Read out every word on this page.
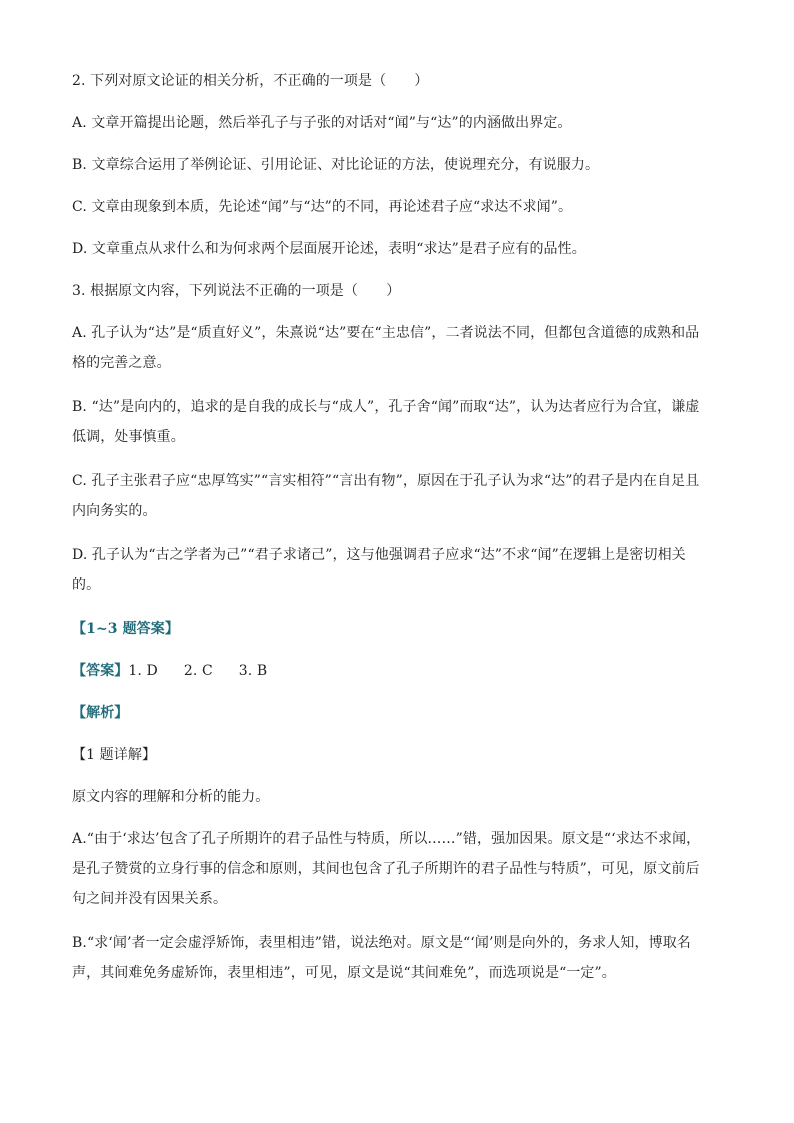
2. 下列对原文论证的相关分析，不正确的一项是（　　）

A. 文章开篇提出论题，然后举孔子与子张的对话对“闻”与“达”的内涵做出界定。

B. 文章综合运用了举例论证、引用论证、对比论证的方法，使说理充分，有说服力。

C. 文章由现象到本质，先论述“闻”与“达”的不同，再论述君子应“求达不求闻”。

D. 文章重点从求什么和为何求两个层面展开论述，表明“求达”是君子应有的品性。

3. 根据原文内容，下列说法不正确的一项是（　　）

A. 孔子认为“达”是“质直好义”，朱熹说“达”要在“主忠信”，二者说法不同，但都包含道德的成熟和品格的完善之意。

B. “达”是向内的，追求的是自我的成长与“成人”，孔子舍“闻”而取“达”，认为达者应行为合宜，谦虚低调，处事慎重。

C. 孔子主张君子应“忠厚笃实”“言实相符”“言出有物”，原因在于孔子认为求“达”的君子是内在自足且内向务实的。

D. 孔子认为“古之学者为己”“君子求诸己”，这与他强调君子应求“达”不求“闻”在逻辑上是密切相关的。

【1~3 题答案】

【答案】1. D 2. C 3. B

【解析】

【1 题详解】

原文内容的理解和分析的能力。

A.“由于‘求达’包含了孔子所期许的君子品性与特质，所以……”错，强加因果。原文是“‘求达不求闻，是孔子赞赏的立身行事的信念和原则，其间也包含了孔子所期许的君子品性与特质”，可见，原文前后句之间并没有因果关系。

B.“求‘闻’者一定会虚浮矫饰，表里相违”错，说法绝对。原文是“‘闻’则是向外的，务求人知，博取名声，其间难免务虚矫饰，表里相违”，可见，原文是说“其间难免”，而选项说是“一定”。
